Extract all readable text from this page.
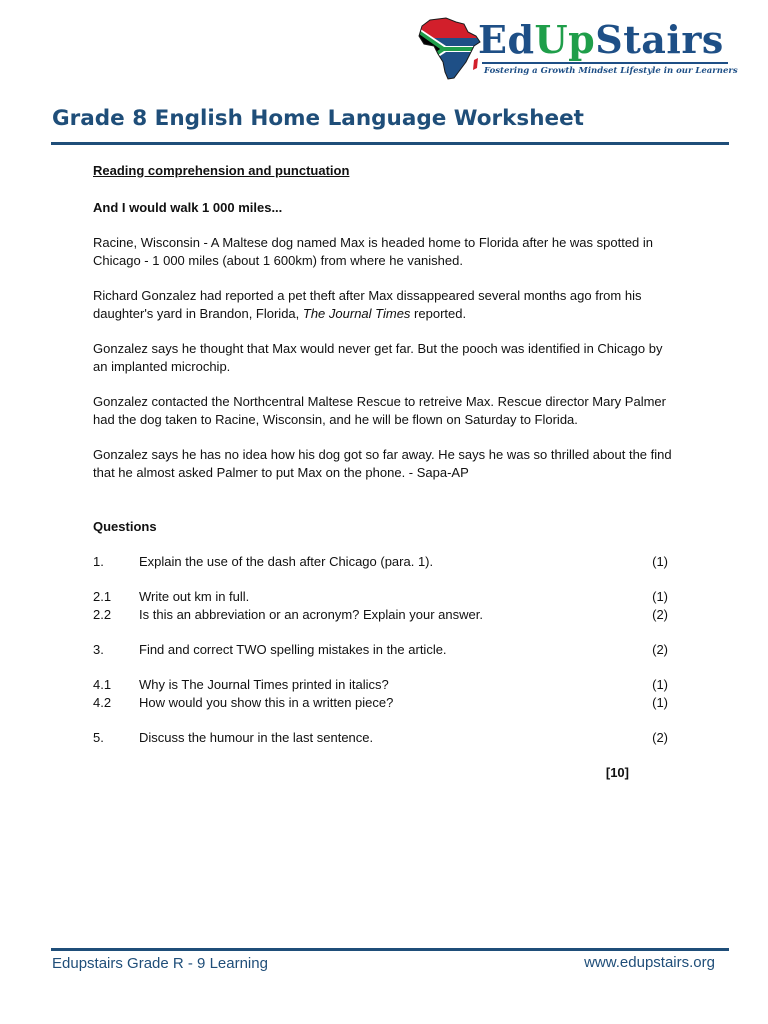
EdUpStairs
Fostering a Growth Mindset Lifestyle in our Learners
Grade 8 English Home Language Worksheet
Reading comprehension and punctuation
And I would walk 1 000 miles...

Racine, Wisconsin - A Maltese dog named Max is headed home to Florida after he was spotted in Chicago - 1 000 miles (about 1 600km) from where he vanished.

Richard Gonzalez had reported a pet theft after Max dissappeared several months ago from his daughter's yard in Brandon, Florida, The Journal Times reported.

Gonzalez says he thought that Max would never get far. But the pooch was identified in Chicago by an implanted microchip.

Gonzalez contacted the Northcentral Maltese Rescue to retreive Max. Rescue director Mary Palmer had the dog taken to Racine, Wisconsin, and he will be flown on Saturday to Florida.

Gonzalez says he has no idea how his dog got so far away. He says he was so thrilled about the find that he almost asked Palmer to put Max on the phone. - Sapa-AP

Questions
1.	Explain the use of the dash after Chicago (para. 1).	(1)
2.1 Write out km in full.	(1)
2.2 Is this an abbreviation or an acronym? Explain your answer.	(2)
3.	Find and correct TWO spelling mistakes in the article.	(2)
4.1 Why is The Journal Times printed in italics?	(1)
4.2 How would you show this in a written piece?	(1)
5.	Discuss the humour in the last sentence.	(2)
[10]
Edupstairs Grade R - 9 Learning	www.edupstairs.org
